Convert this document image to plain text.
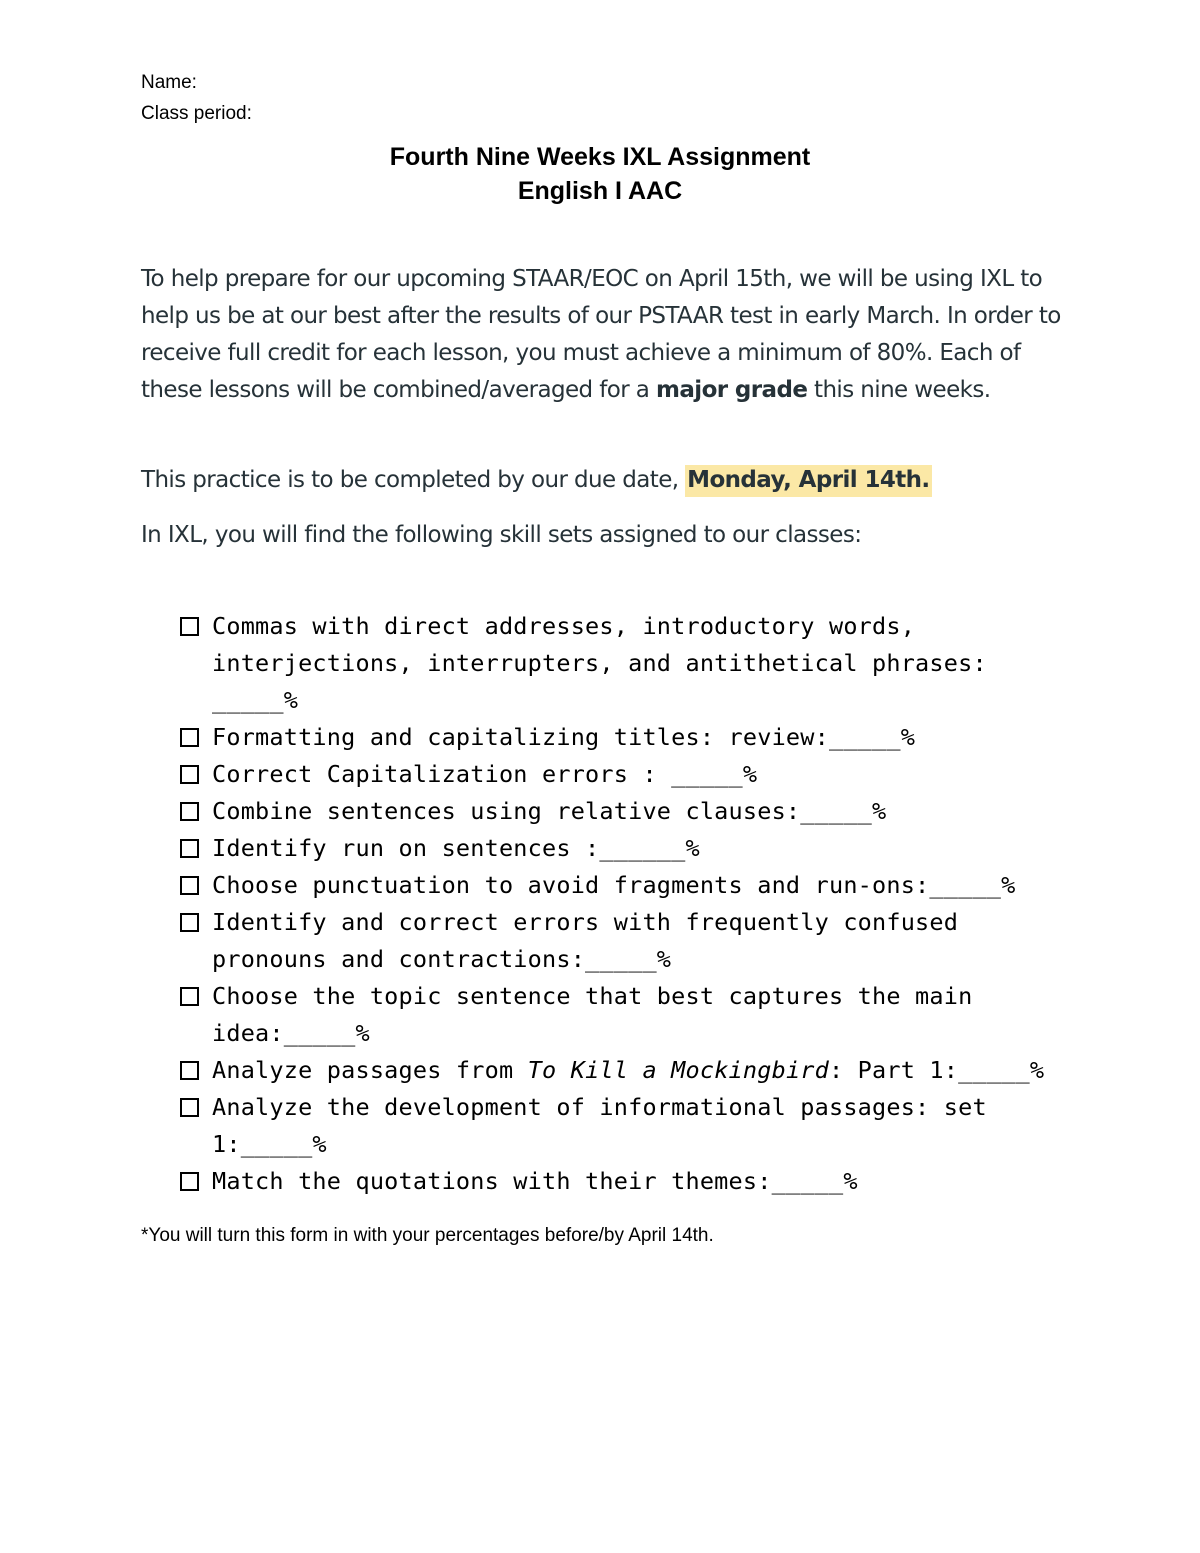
Name:
Class period:
Fourth Nine Weeks IXL Assignment
English I AAC

To help prepare for our upcoming STAAR/EOC on April 15th, we will be using IXL to help us be at our best after the results of our PSTAAR test in early March. In order to receive full credit for each lesson, you must achieve a minimum of 80%. Each of these lessons will be combined/averaged for a major grade this nine weeks.

This practice is to be completed by our due date, Monday, April 14th.

In IXL, you will find the following skill sets assigned to our classes:
Commas with direct addresses, introductory words, interjections, interrupters, and antithetical phrases: _____%
Formatting and capitalizing titles: review:_____%
Correct Capitalization errors : _____%
Combine sentences using relative clauses:_____%
Identify run on sentences :______%
Choose punctuation to avoid fragments and run-ons:_____%
Identify and correct errors with frequently confused pronouns and contractions:_____%
Choose the topic sentence that best captures the main idea:_____%
Analyze passages from To Kill a Mockingbird: Part 1:_____%
Analyze the development of informational passages: set 1:_____%
Match the quotations with their themes:_____%
*You will turn this form in with your percentages before/by April 14th.
